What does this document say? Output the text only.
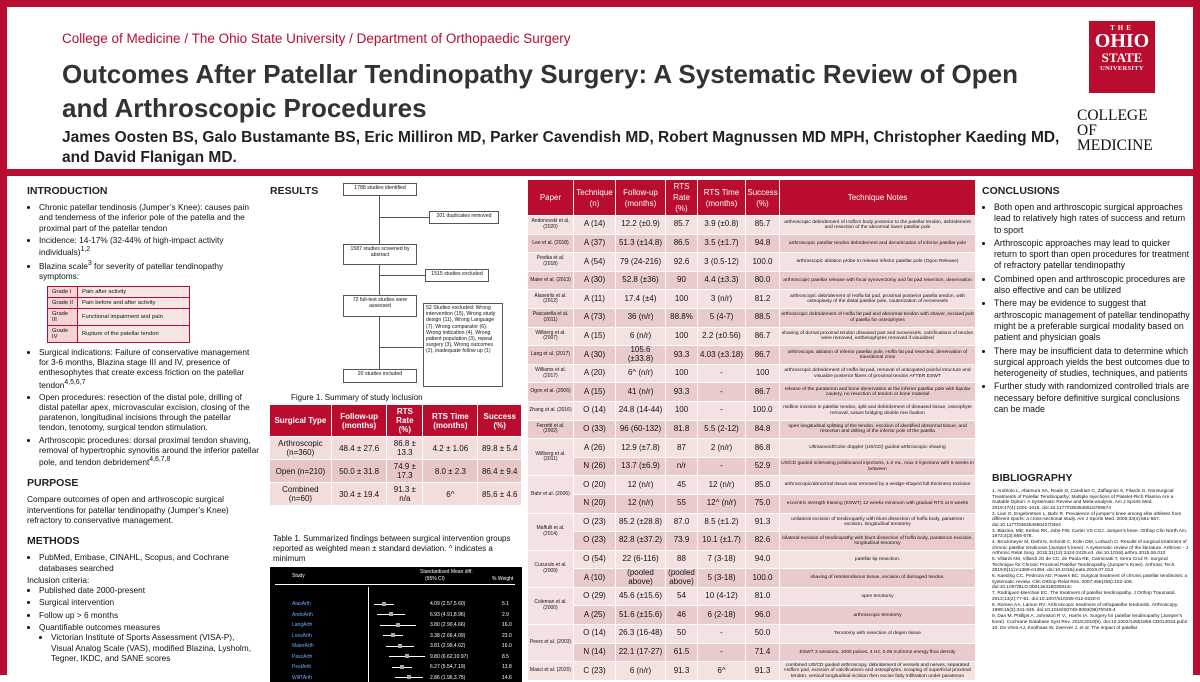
College of Medicine / The Ohio State University / Department of Orthopaedic Surgery
Outcomes After Patellar Tendinopathy Surgery: A Systematic Review of Open and Arthroscopic Procedures
James Oosten BS, Galo Bustamante BS, Eric Milliron MD, Parker Cavendish MD, Robert Magnussen MD MPH, Christopher Kaeding MD, and David Flanigan MD.
THE
OHIO
STATE
UNIVERSITY
COLLEGE OF
MEDICINE
INTRODUCTION
• Chronic patellar tendinosis (Jumper’s Knee): causes pain and tenderness of the inferior pole of the patella and the proximal part of the patellar tendon
• Incidence: 14-17% (32-44% of high-impact activity individuals)$^{1,2}$
• Blazina scale$^3$ for severity of patellar tendinopathy symptoms:
Grade I	Pain after activity
Grade II	Pain before and after activity
Grade III	Functional impairment and pain
Grade IV	Rupture of the patellar tendon
• Surgical indications: Failure of conservative management for 3-6 months, Blazina stage III and IV, presence of enthesophytes that create excess friction on the patellar tendon$^{4,5,6,7}$
• Open procedures: resection of the distal pole, drilling of distal patellar apex, microvascular excision, closing of the paratenon, longitudinal incisions through the patellar tendon, tenotomy, surgical tendon stimulation.
• Arthroscopic procedures: dorsal proximal tendon shaving, removal of hypertrophic synovitis around the inferior patellar pole, and tendon debridement$^{4,6,7,8}$
PURPOSE

Compare outcomes of open and arthroscopic surgical interventions for patellar tendinopathy (Jumper’s Knee) refractory to conservative management.

METHODS
• PubMed, Embase, CINAHL, Scopus, and Cochrane databases searched

Inclusion criteria:

• Published date 2000-present
• Surgical intervention
• Follow up > 6 months
• Quantifiable outcomes measures
• Victorian Institute of Sports Assessment (VISA-P), Visual Analog Scale (VAS), modified Blazina, Lysholm, Tegner, IKDC, and SANE scores
RESULTS	1788 studies identified
201 duplicates removed
1587 studies screened by abstract
1515 studies excluded
72 full-text studies were assessed	52 Studies excluded: Wrong intervention (15), Wrong study design (11), Wrong Language (7), Wrong comparator (6), Wrong indication (4), Wrong patient population (3), repeat surgery (3), Wrong outcomes (2), inadequate follow up (1)
20 studies included
Figure 1. Summary of study inclusion
Surgical Type	Follow-up (months)	RTS Rate (%)	RTS Time (months)	Success (%)
Arthroscopic (n=360)	48.4 ± 27.6	86.8 ± 13.3	4.2 ± 1.06	89.8 ± 5.4
Open (n=210)	50.0 ± 31.8	74.9 ± 17.3	8.0 ± 2.3	86.4 ± 9.4
Combined (n=60)	30.4 ± 19.4	91.3 ± n/a	6^	85.6 ± 4.6
Table 1. Summarized findings between surgical intervention groups reported as weighted mean ± standard deviation. ^ indicates a minimum
Study
Standardised Mean diff.
(95% CI)	% Weight
AlasArth	4.09 (2.57,5.60)	5.1
AndoArth	6.93 (4.91,8.96)	2.9
LangArth	3.80 (2.90,4.66)	16.0
LossArth	3.38 (2.66,4.09)	23.0
MaierArth	3.81 (2.99,4.62)	16.0
PascArth	9.80 (6.62,10.97)	8.5
PestArth	6.27 (5.54,7.19)	13.8
WillTArth	2.86 (1.96,3.75)	14.6
Paper	Technique (n)	Follow-up (months)	RTS Rate (%)	RTS Time (months)	Success (%)	Technique Notes
Andonovski et al. (2020)	A (14)	12.2 (±0.9)	85.7	3.9 (±0.8)	85.7	arthroscopic debridement of Hoffa’s body posterior to the patellar tendon, debridement and resection of the abnormal lower patellar pole
Lee et al. (2018)	A (37)	51.3 (±14.8)	86.5	3.5 (±1.7)	94.8	arthroscopic patellar tendon debridement and decortication of inferior patellar pole
Pestka et al. (2018)	A (54)	79 (24-216)	92.6	3 (0.5-12)	100.0	arthroscopic ablation probe to release inferior patellar pole (Ogon Release)
Maier et al. (2013)	A (30)	52.8 (±36)	90	4.4 (±3.3)	80.0	arthroscopic patellar release with focal synovectomy and fat pad resection, denervation
Alaseirlis et al. (2012)	A (11)	17.4 (±4)	100	3 (n/r)	81.2	arthroscopic debridement of Hoffa fat pad, proximal posterior patella tendon, with osteoplasty of the distal patellar pole, cauterization of neovessels
Pascarella et al. (2011)	A (73)	36 (n/r)	88.8%	5 (4-7)	88.5	arthroscopic debridement of Hoffa fat pad and abnormal tendon with shaver, excised part of patella for osteophytes
Willberg et al. (2007)	A (15)	6 (n/r)	100	2.2 (±0.56)	86.7	shaving of dorsal proximal tendon diseased part and neovessels, calcifications of tendon were removed, enthesophytes removed if visualized
Lang et al. (2017)	A (30)	105.6 (±33.8)	93.3	4.03 (±3.18)	86.7	arthroscopic ablation of inferior patellar pole, Hoffa fat pad resected, denervation of transitional zone
Williams et al. (2017)	A (20)	6^ (n/r)	100	-	100	arthroscopic debridement of Hoffa fat pad, removal of anticipated painful structure and visualize posterior fibers of proximal tendon AFTER ESWT
Ogon et al. (2006)	A (15)	41 (n/r)	93.3	-	86.7	release of the paratenon and bone denervation at the inferior patellar pole with bipolar cautery, no resection of tendon or bone material
Zhang et al. (2016)	O (14)	24.8 (14-44)	100	-	100.0	midline incision in patellar tendon, split and debridement of diseased tissue, osteophyte removal, suture bridging double row fixation
Ferretti et al. (2002)	O (33)	96 (60-132)	81.8	5.5 (2-12)	84.8	open longitudinal splitting of the tendon, excision of identified abnormal tissue, and resection and drilling of the inferior pole of the patella
Willberg et al. (2011)	A (26)	12.9 (±7.8)	87	2 (n/r)	86.8	Ultrasound/Color doppler (US/CD) guided arthroscopic shaving
	N (26)	13.7 (±6.9)	n/r	-	52.9	US/CD guided sclerosing polidocanol injections, 1-2 mL, max 3 injections with 6 weeks in between
Bahr et al. (2006)	O (20)	12 (n/r)	45	12 (n/r)	85.0	arthroscopic/abnormal tissue was removed by a wedge-shaped full-thickness excision
	N (20)	12 (n/r)	55	12^ (n/r)	75.0	eccentric strength training (ESWT) 12 weeks minimum with gradual RTS at 8 weeks
Maffulli et al. (2014)	O (23)	85.2 (±28.8)	87.0	8.5 (±1.2)	91.3	unilateral excision of tendinopathy with blunt dissection of hoffa body, paratenon excision, longitudinal tenotomy
	O (23)	82.8 (±37.2)	73.9	10.1 (±1.7)	82.6	bilateral excision of tendinopathy with blunt dissection of hoffa body, paratenon excision, longitudinal tenotomy
Cucurulo et al. (2009)	O (54)	22 (6-116)	88	7 (3-18)	94.0	patellar tip resection.
	A (10)	(pooled above)	(pooled above)	5 (3-18)	100.0	shaving of retrotendinous tissue, excision of damaged tendon.
Coleman et al. (2000)	O (29)	45.6 (±15.6)	54	10 (4-12)	81.0	open tenotomy
	A (25)	51.6 (±15.6)	46	6 (2-18)	96.0	arthroscopic tenotomy
Peers et al. (2003)	O (14)	26.3 (16-48)	50	-	50.0	Tenotomy with resection of degen tissue
	N (14)	22.1 (17-27)	61.5	-	71.4	ESWT 3 sessions, 1000 pulses, 4 Hz, 0.08 mJ/mm2 energy flow density
Masci et al. (2020)	C (23)	6 (n/r)	91.3	6^	91.3	combined US/CD guided arthroscopy, debridement of vessels and nerves, separated Hoffa’s pad, excision of calcifications and osteophytes, scraping of superficial proximal tendon, vertical longitudinal incision then excise fatty infiltration under paratenon
CONCLUSIONS
• Both open and arthroscopic surgical approaches lead to relatively high rates of success and return to sport
• Arthroscopic approaches may lead to quicker return to sport than open procedures for treatment of refractory patellar tendinopathy
• Combined open and arthroscopic procedures are also effective and can be utilized
• There may be evidence to suggest that arthroscopic management of patellar tendinopathy might be a preferable surgical modality based on patient and physician goals
• There may be insufficient data to determine which surgical approach yields the best outcomes due to heterogeneity of studies, techniques, and patients
• Further study with randomized controlled trials are necessary before definitive surgical conclusions can be made
BIBLIOGRAPHY

1. Andriolo L, Altamura SA, Reale D, Candrian C, Zaffagnini S, Filardo G. Nonsurgical Treatments of Patellar Tendinopathy: Multiple Injections of Platelet-Rich Plasma Are a Suitable Option: A Systematic Review and Meta-analysis. Am J Sports Med. 2019;47(4):1001-1018. doi:10.1177/0363546518759674

2. Lian O, Engebretsen L, Bahr R. Prevalence of jumper’s knee among elite athletes from different sports: a cross-sectional study. Am J Sports Med. 2005;33(4):561-567. doi:10.1177/0363546504270454

3. Blazina, ME; Kerlan RK, Jobe FW, Carter VS CGJ. Jumper’s knee. Orthop Clin North Am. 1973;4(3):665-678.

4. Brockmeyer M, Diehl N, Schmitt C, Kohn DM, Lorbach O. Results of surgical treatment of chronic patellar tendinosis (Jumper’s knee): A systematic review of the literature. Arthrosc - J Arthrosc Relat Surg. 2015;31(12):2424-2429.e3. doi:10.1016/j.arthro.2015.06.010

5. Villardi AM, Villardi JG de CC, de Paula RE, Carminatti T, Serra Cruz R. Surgical Technique for Chronic Proximal Patellar Tendinopathy (Jumper’s Knee). Arthrosc Tech. 2019;8(11):e1389-e1394. doi:10.1016/j.eats.2019.07.013

6. Kaeding CC, Pedroza AD, Powers BC. Surgical treatment of chronic patellar tendinosis: a systematic review. Clin Orthop Relat Res. 2007;455(455):102-106. doi:10.1097/BLO.0b013e318030814c

7. Rodriguez-Merchan EC. The treatment of patellar tendinopathy. J Orthop Traumatol. 2013;14(2):77-81. doi:10.1007/s10195-012-0220-0

8. Romeo AA, Larson RV. Arthroscopic treatment of infrapatellar tendonitis. Arthroscopy. 1999;15(3):341-345. doi:10.1016/S0749-8063(99)70048-4

9. Dan M, Phillips A, Johnston R V., Harris IA. Surgery for patellar tendinopathy (Jumper’s knee). Cochrane Database Syst Rev. 2019;2019(9). doi:10.1002/14651858.CD013034.pub2

10. De Vries AJ, Koolhaas W, Zwerver J, et al. The impact of patellar
